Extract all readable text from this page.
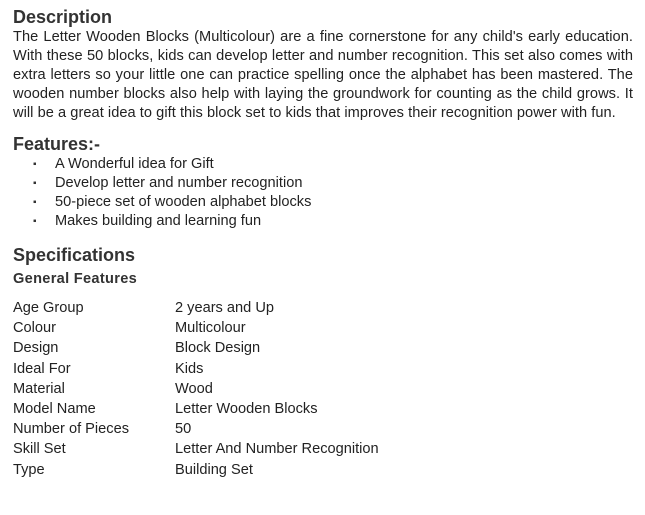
Description

The Letter Wooden Blocks (Multicolour) are a fine cornerstone for any child's early education. With these 50 blocks, kids can develop letter and number recognition. This set also comes with extra letters so your little one can practice spelling once the alphabet has been mastered. The wooden number blocks also help with laying the groundwork for counting as the child grows. It will be a great idea to gift this block set to kids that improves their recognition power with fun.

Features:-
▪ A Wonderful idea for Gift
▪ Develop letter and number recognition
▪ 50-piece set of wooden alphabet blocks
▪ Makes building and learning fun
Specifications
General Features
Age Group	2 years and Up
Colour	Multicolour
Design	Block Design
Ideal For	Kids
Material	Wood
Model Name	Letter Wooden Blocks
Number of Pieces	50
Skill Set	Letter And Number Recognition
Type	Building Set
